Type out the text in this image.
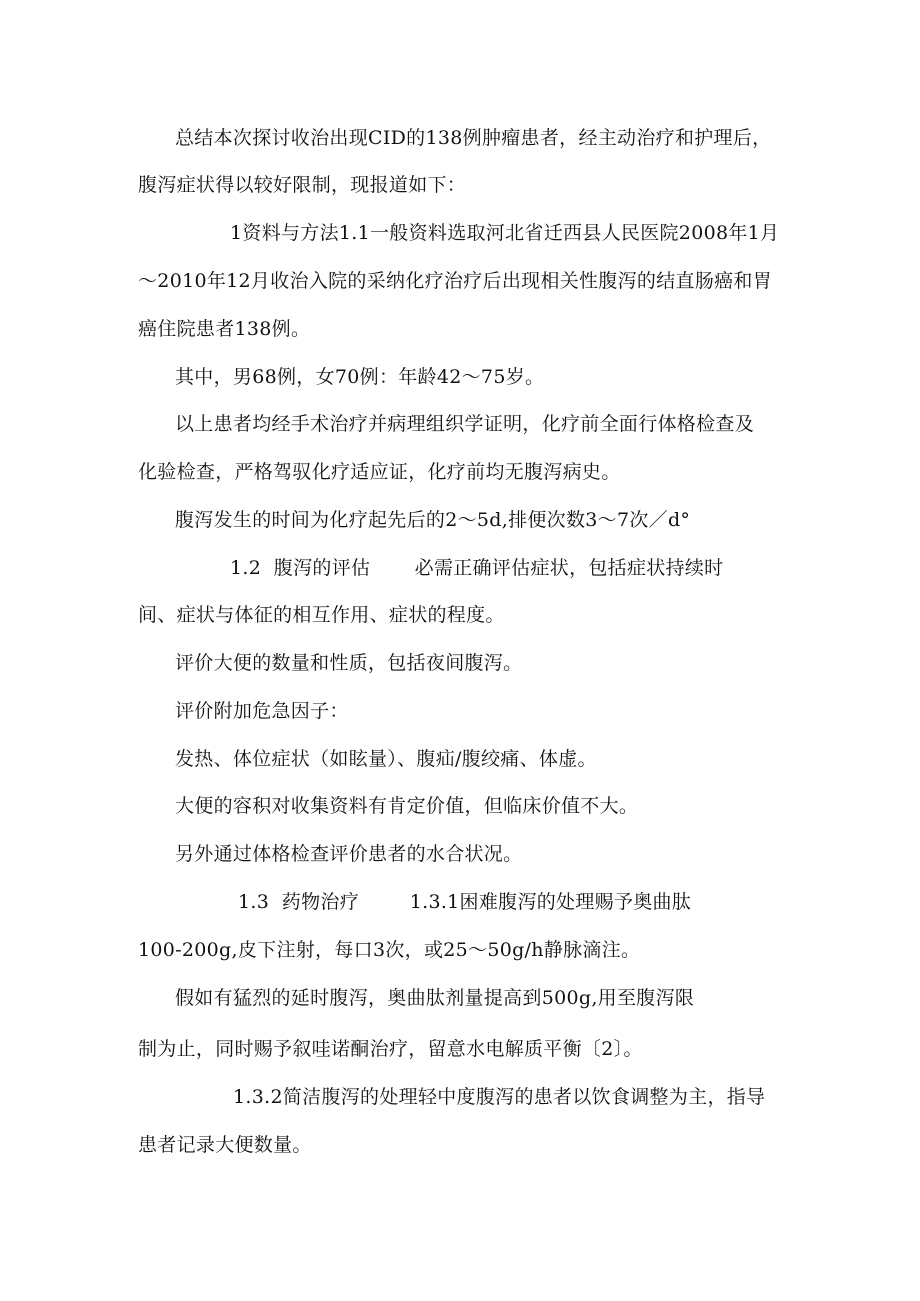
总结本次探讨收治出现CID的138例肿瘤患者，经主动治疗和护理后，
腹泻症状得以较好限制，现报道如下：
1资料与方法1.1一般资料选取河北省迁西县人民医院2008年1月
～2010年12月收治入院的采纳化疗治疗后出现相关性腹泻的结直肠癌和胃
癌住院患者138例。
其中，男68例，女70例：年龄42～75岁。
以上患者均经手术治疗并病理组织学证明，化疗前全面行体格检查及
化验检查，严格驾驭化疗适应证，化疗前均无腹泻病史。
腹泻发生的时间为化疗起先后的2～5d,排便次数3～7次／d°
1.2  腹泻的评估       必需正确评估症状，包括症状持续时
间、症状与体征的相互作用、症状的程度。
评价大便的数量和性质，包括夜间腹泻。
评价附加危急因子：
发热、体位症状（如眩量）、腹疝/腹绞痛、体虚。
大便的容积对收集资料有肯定价值，但临床价值不大。
另外通过体格检查评价患者的水合状况。
1.3  药物治疗        1.3.1困难腹泻的处理赐予奥曲肽
100-200g,皮下注射，每口3次，或25～50g/h静脉滴注。
假如有猛烈的延时腹泻，奥曲肽剂量提高到500g,用至腹泻限
制为止，同时赐予叙哇诺酮治疗，留意水电解质平衡〔2〕。
1.3.2简洁腹泻的处理轻中度腹泻的患者以饮食调整为主，指导
患者记录大便数量。
